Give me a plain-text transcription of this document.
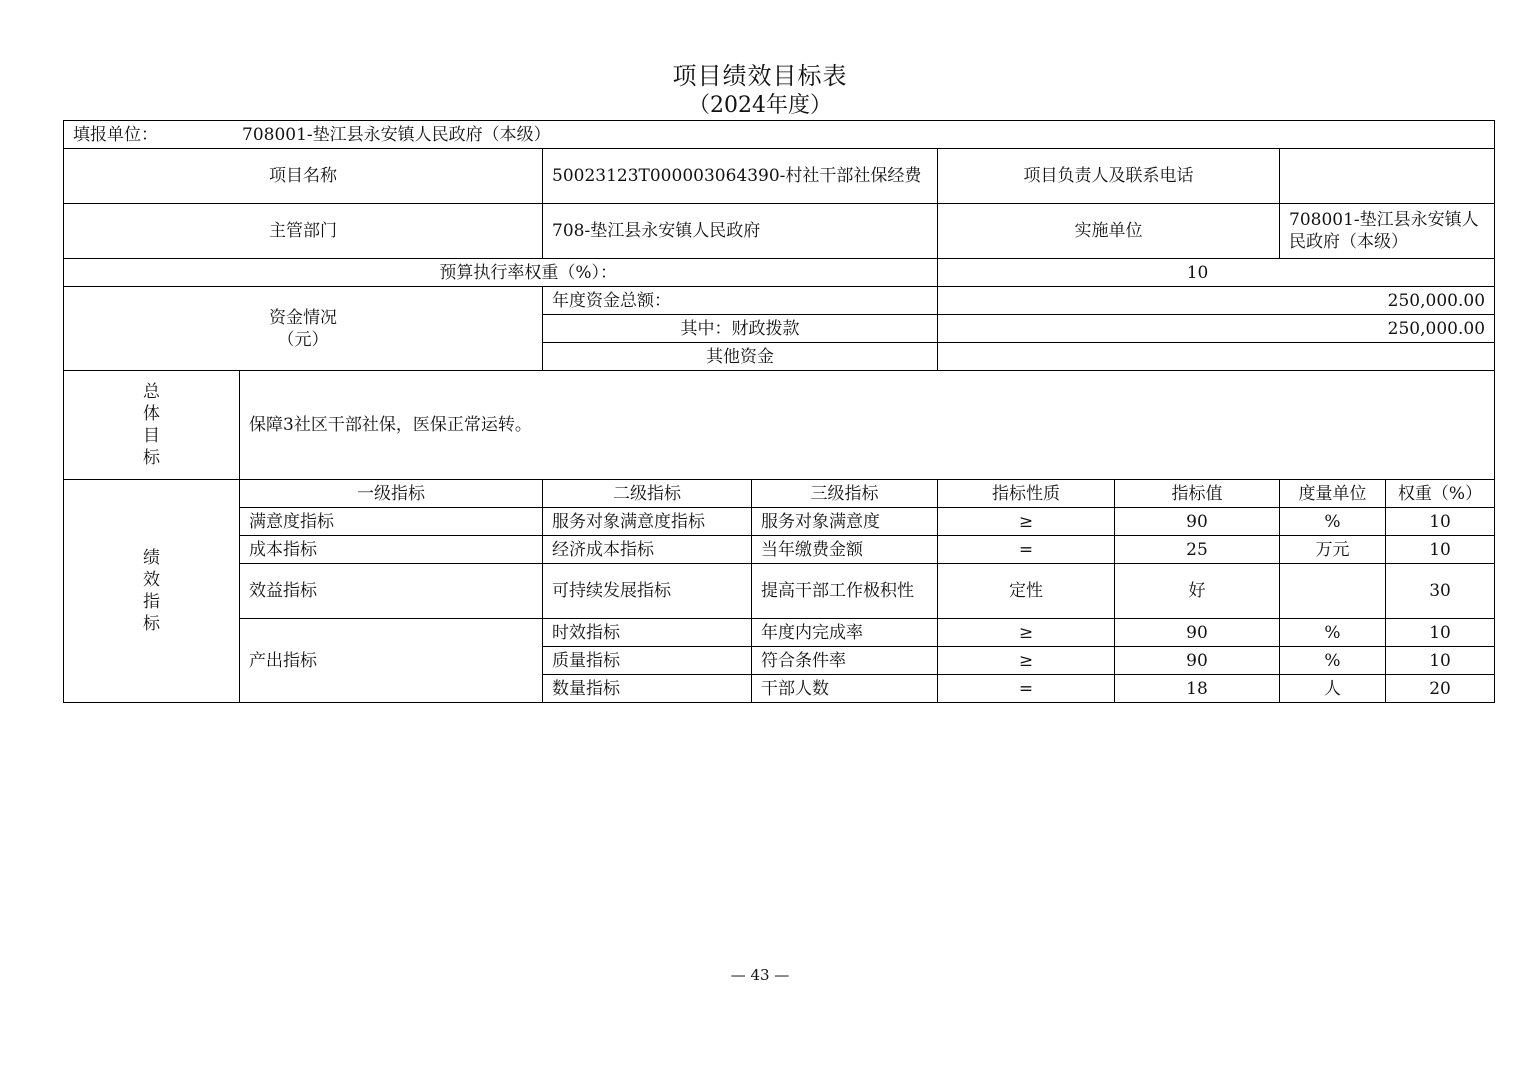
项目绩效目标表
（2024年度）
填报单位： 708001-垫江县永安镇人民政府（本级）							
项目名称		50023123T000003064390-村社干部社保经费		项目负责人及联系电话			
主管部门		708-垫江县永安镇人民政府		实施单位		708001-垫江县永安镇人民政府（本级）	
预算执行率权重（%）：				10			

资金情况
（元）		年度资金总额：		250,000.00			
		其中：财政拨款		250,000.00			
		其他资金					

总
体
目
标	保障3社区干部社保，医保正常运转。						

绩
效
指
标	一级指标	二级指标	三级指标	指标性质	指标值	度量单位	权重（%）
	满意度指标	服务对象满意度指标	服务对象满意度	≥	90	%	10
	成本指标	经济成本指标	当年缴费金额	=	25	万元	10
	效益指标	可持续发展指标	提高干部工作极积性	定性	好		30
	产出指标	时效指标	年度内完成率	≥	90	%	10
		质量指标	符合条件率	≥	90	%	10
		数量指标	干部人数	=	18	人	20
— 43 —
